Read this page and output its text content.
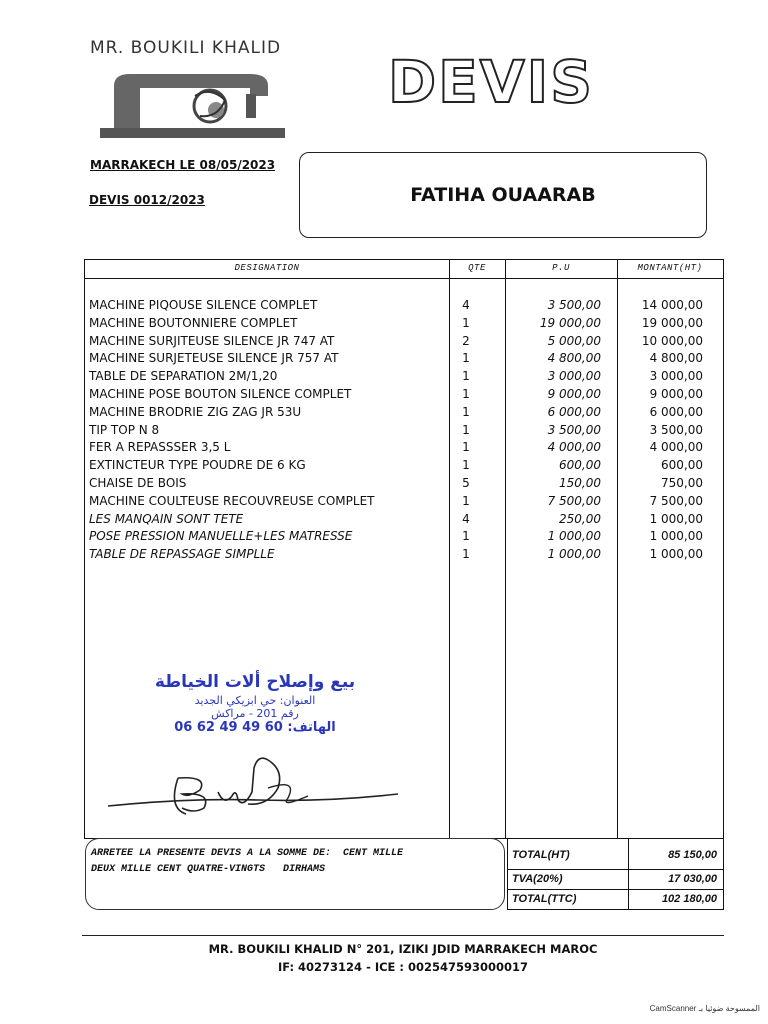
MR. BOUKILI KHALID DEVIS
MARRAKECH LE 08/05/2023
DEVIS 0012/2023	FATIHA OUAARAB
DESIGNATION	QTE	P.U	MONTANT(HT)
MACHINE PIQOUSE SILENCE COMPLET	4	3 500,00	14 000,00
MACHINE BOUTONNIERE COMPLET	1	19 000,00	19 000,00
MACHINE SURJITEUSE SILENCE JR 747 AT	2	5 000,00	10 000,00
MACHINE SURJETEUSE SILENCE JR 757 AT	1	4 800,00	4 800,00
TABLE DE SEPARATION 2M/1,20	1	3 000,00	3 000,00
MACHINE POSE BOUTON SILENCE COMPLET	1	9 000,00	9 000,00
MACHINE BRODRIE ZIG ZAG JR 53U	1	6 000,00	6 000,00
TIP TOP N 8	1	3 500,00	3 500,00
FER A REPASSSER 3,5 L	1	4 000,00	4 000,00
EXTINCTEUR TYPE POUDRE DE 6 KG	1	600,00	600,00
CHAISE DE BOIS	5	150,00	750,00
MACHINE COULTEUSE RECOUVREUSE COMPLET	1	7 500,00	7 500,00
LES MANQAIN SONT TETE	4	250,00	1 000,00
POSE PRESSION MANUELLE+LES MATRESSE	1	1 000,00	1 000,00
TABLE DE REPASSAGE SIMPLLE	1	1 000,00	1 000,00
بيع وإصلاح ألات الخياطة
العنوان: حي ابزيكي الجديد
رقم 201 - مراكش
الهاتف: 60 49 49 62 06
ARRETEE LA PRESENTE DEVIS A LA SOMME DE:  CENT MILLE
DEUX MILLE CENT QUATRE-VINGTS   DIRHAMS
TOTAL(HT)	85 150,00
TVA(20%)	17 030,00
TOTAL(TTC)	102 180,00
MR. BOUKILI KHALID N° 201, IZIKI JDID MARRAKECH MAROC
IF: 40273124 - ICE : 002547593000017
CamScanner الممسوحة ضوئيا بـ
